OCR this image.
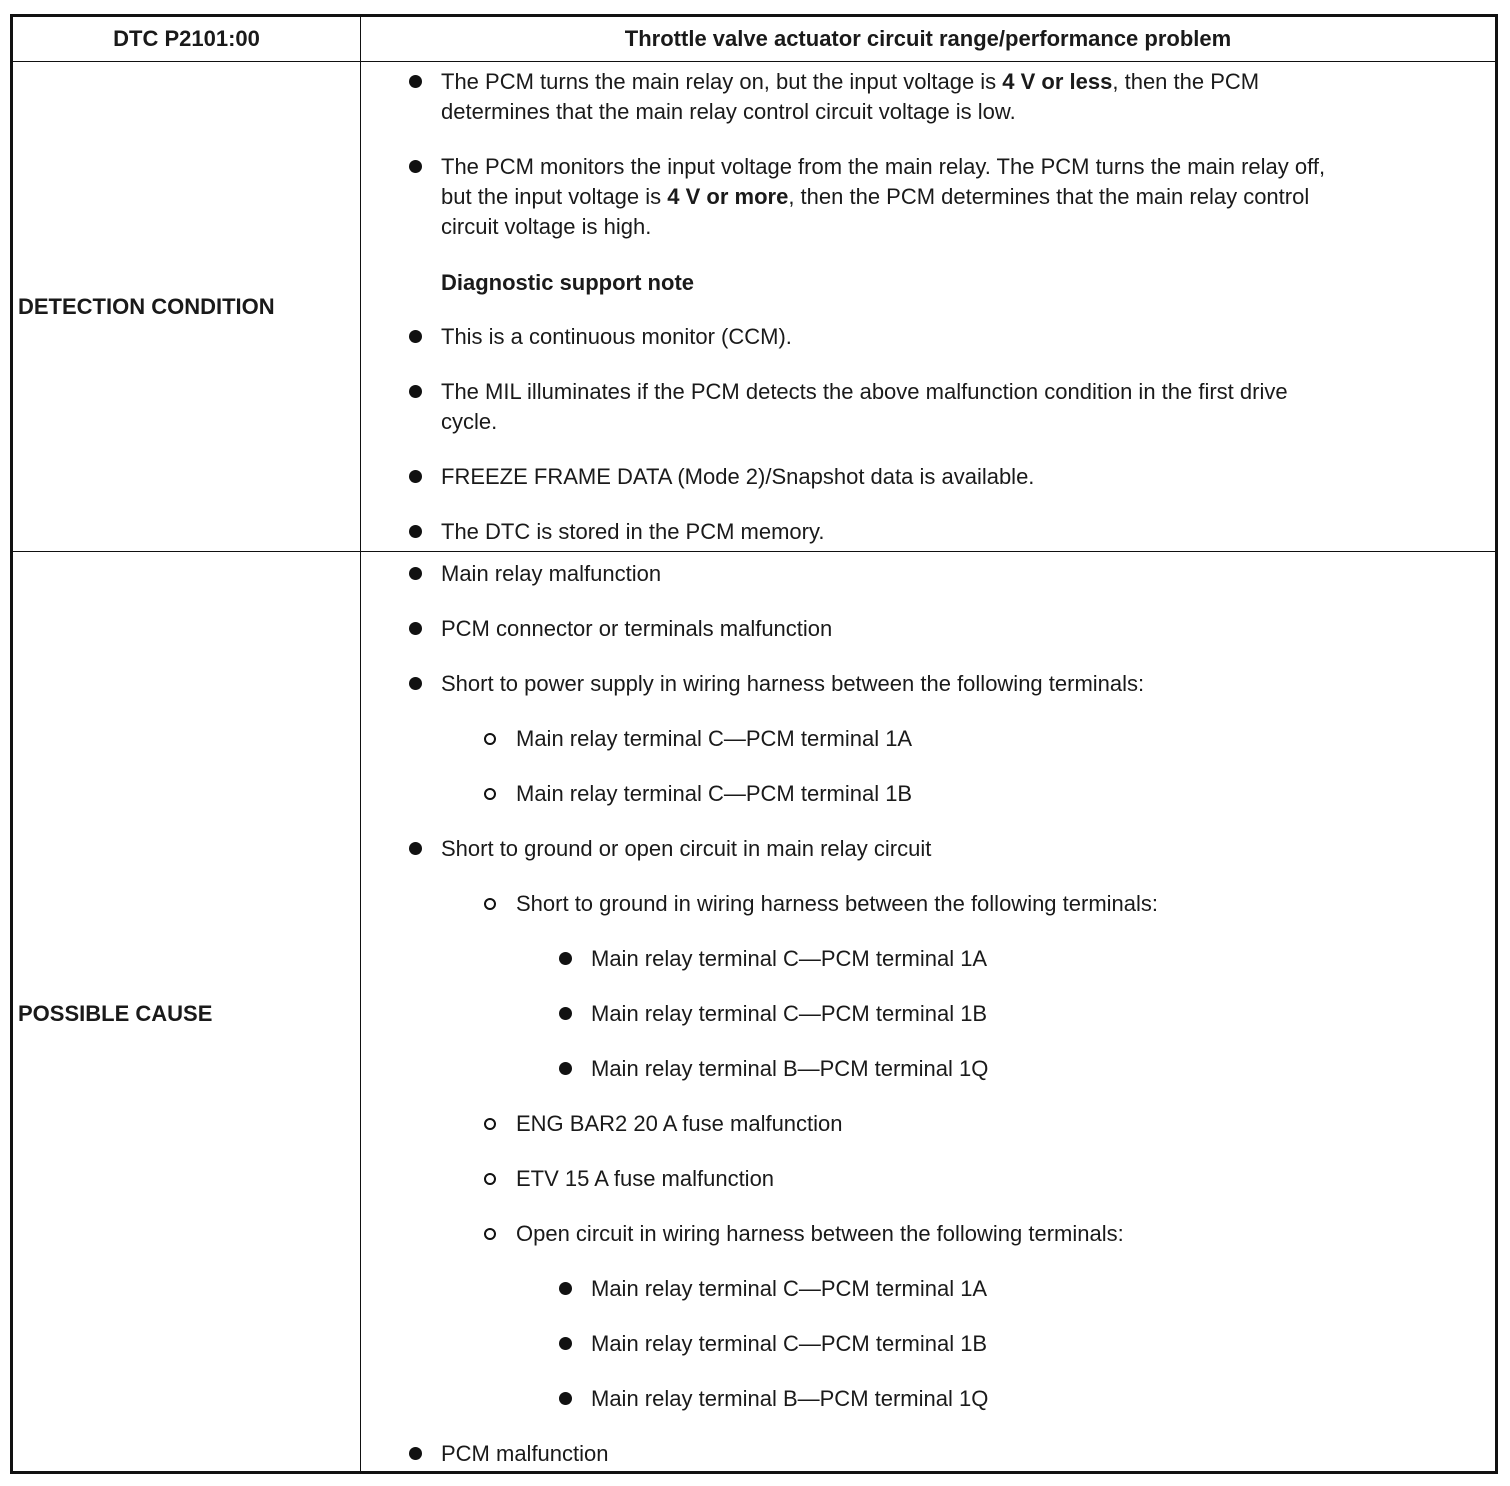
DTC P2101:00	Throttle valve actuator circuit range/performance problem
DETECTION CONDITION
The PCM turns the main relay on, but the input voltage is 4 V or less, then the PCM
determines that the main relay control circuit voltage is low.
The PCM monitors the input voltage from the main relay. The PCM turns the main relay off,
but the input voltage is 4 V or more, then the PCM determines that the main relay control
circuit voltage is high.
Diagnostic support note
This is a continuous monitor (CCM).
The MIL illuminates if the PCM detects the above malfunction condition in the first drive
cycle.
FREEZE FRAME DATA (Mode 2)/Snapshot data is available.
The DTC is stored in the PCM memory.
POSSIBLE CAUSE
Main relay malfunction
PCM connector or terminals malfunction
Short to power supply in wiring harness between the following terminals:
Main relay terminal C—PCM terminal 1A
Main relay terminal C—PCM terminal 1B
Short to ground or open circuit in main relay circuit
Short to ground in wiring harness between the following terminals:
Main relay terminal C—PCM terminal 1A
Main relay terminal C—PCM terminal 1B
Main relay terminal B—PCM terminal 1Q
ENG BAR2 20 A fuse malfunction
ETV 15 A fuse malfunction
Open circuit in wiring harness between the following terminals:
Main relay terminal C—PCM terminal 1A
Main relay terminal C—PCM terminal 1B
Main relay terminal B—PCM terminal 1Q
PCM malfunction
